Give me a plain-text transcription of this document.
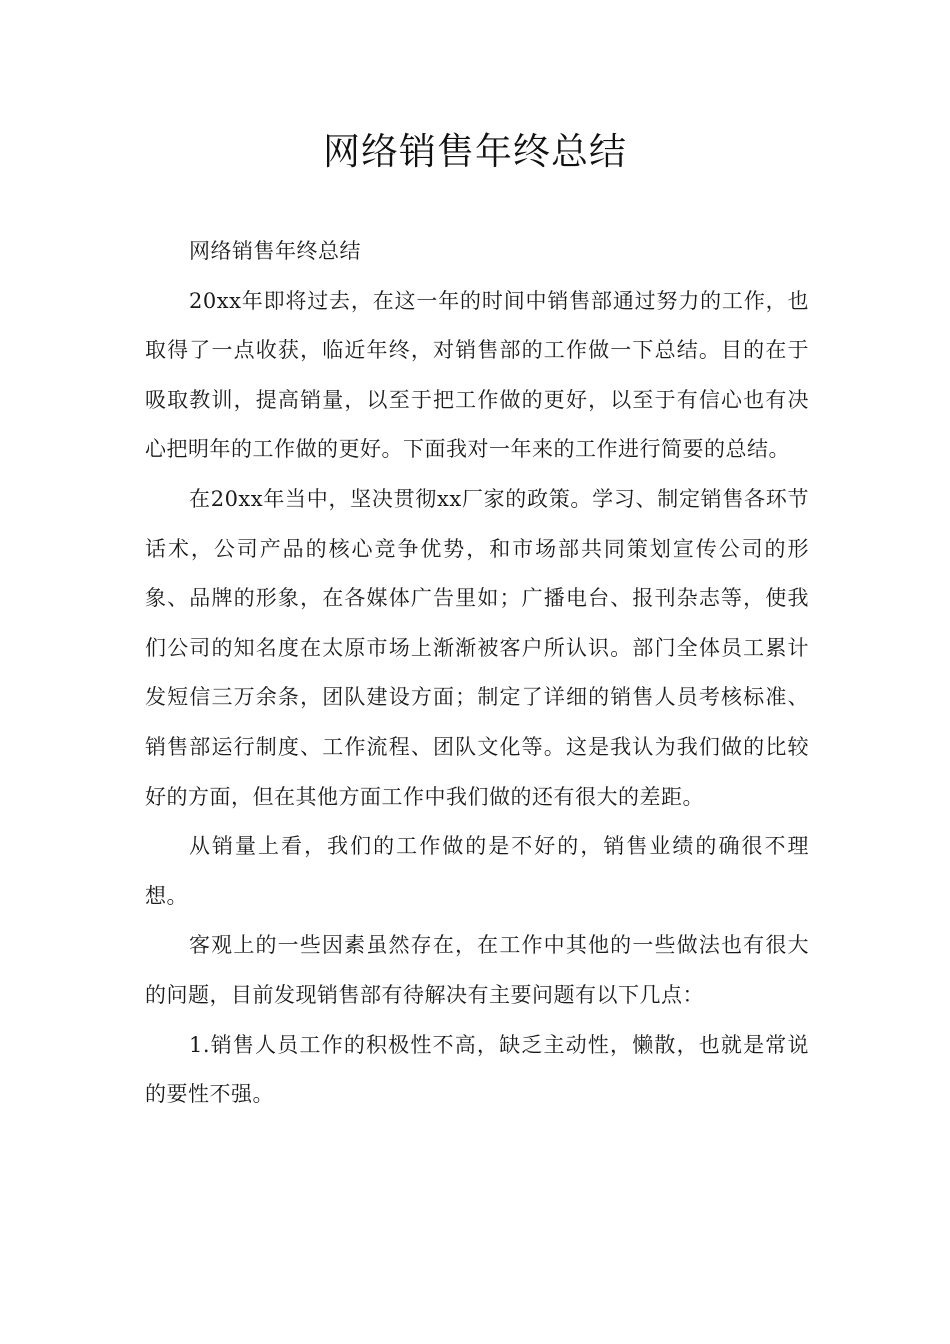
网络销售年终总结

网络销售年终总结

20xx年即将过去，在这一年的时间中销售部通过努力的工作，也取得了一点收获，临近年终，对销售部的工作做一下总结。目的在于吸取教训，提高销量，以至于把工作做的更好，以至于有信心也有决心把明年的工作做的更好。下面我对一年来的工作进行简要的总结。

在20xx年当中，坚决贯彻xx厂家的政策。学习、制定销售各环节话术，公司产品的核心竞争优势，和市场部共同策划宣传公司的形象、品牌的形象，在各媒体广告里如；广播电台、报刊杂志等，使我们公司的知名度在太原市场上渐渐被客户所认识。部门全体员工累计发短信三万余条，团队建设方面；制定了详细的销售人员考核标准、销售部运行制度、工作流程、团队文化等。这是我认为我们做的比较好的方面，但在其他方面工作中我们做的还有很大的差距。

从销量上看，我们的工作做的是不好的，销售业绩的确很不理想。

客观上的一些因素虽然存在，在工作中其他的一些做法也有很大的问题，目前发现销售部有待解决有主要问题有以下几点：

1.销售人员工作的积极性不高，缺乏主动性，懒散，也就是常说的要性不强。
